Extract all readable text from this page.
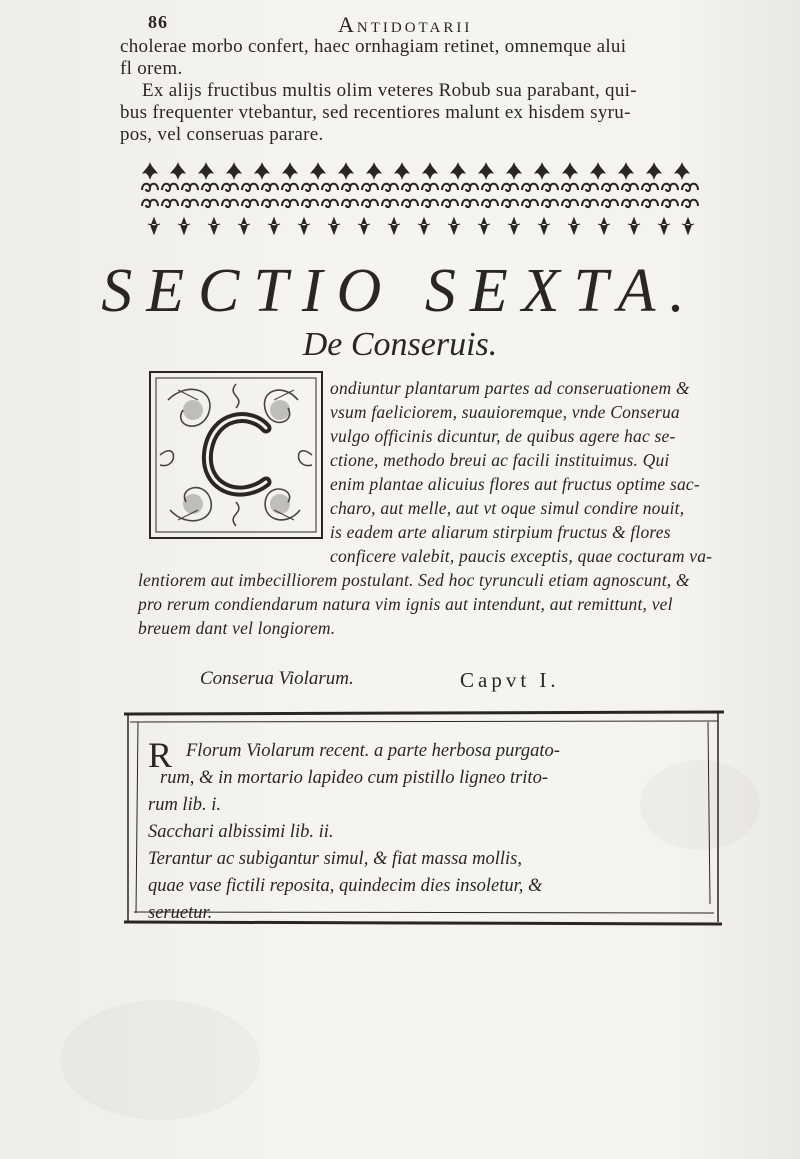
86	Antidotarii
cholerae morbo confert, haec ornhagiam retinet, omnemque alui
fl orem.
Ex alijs fructibus multis olim veteres Robub sua parabant, qui-
bus frequenter vtebantur, sed recentiores malunt ex hisdem syru-
pos, vel conseruas parare.
SECTIO SEXTA.
De Conseruis.
ondiuntur plantarum partes ad conseruationem &
vsum faeliciorem, suauioremque, vnde Conserua
vulgo officinis dicuntur, de quibus agere hac se-
ctione, methodo breui ac facili instituimus. Qui
enim plantae alicuius flores aut fructus optime sac-
charo, aut melle, aut vt oque simul condire nouit,
is eadem arte aliarum stirpium fructus & flores
conficere valebit, paucis exceptis, quae cocturam va-
lentiorem aut imbecilliorem postulant. Sed hoc tyrunculi etiam agnoscunt, &
pro rerum condiendarum natura vim ignis aut intendunt, aut remittunt, vel
breuem dant vel longiorem.
Conserua Violarum.	Capvt I.
R Florum Violarum recent. a parte herbosa purgato-
rum, & in mortario lapideo cum pistillo ligneo trito-
rum lib. i.
Sacchari albissimi lib. ii.
Terantur ac subigantur simul, & fiat massa mollis,
quae vase fictili reposita, quindecim dies insoletur, &
seruetur.
